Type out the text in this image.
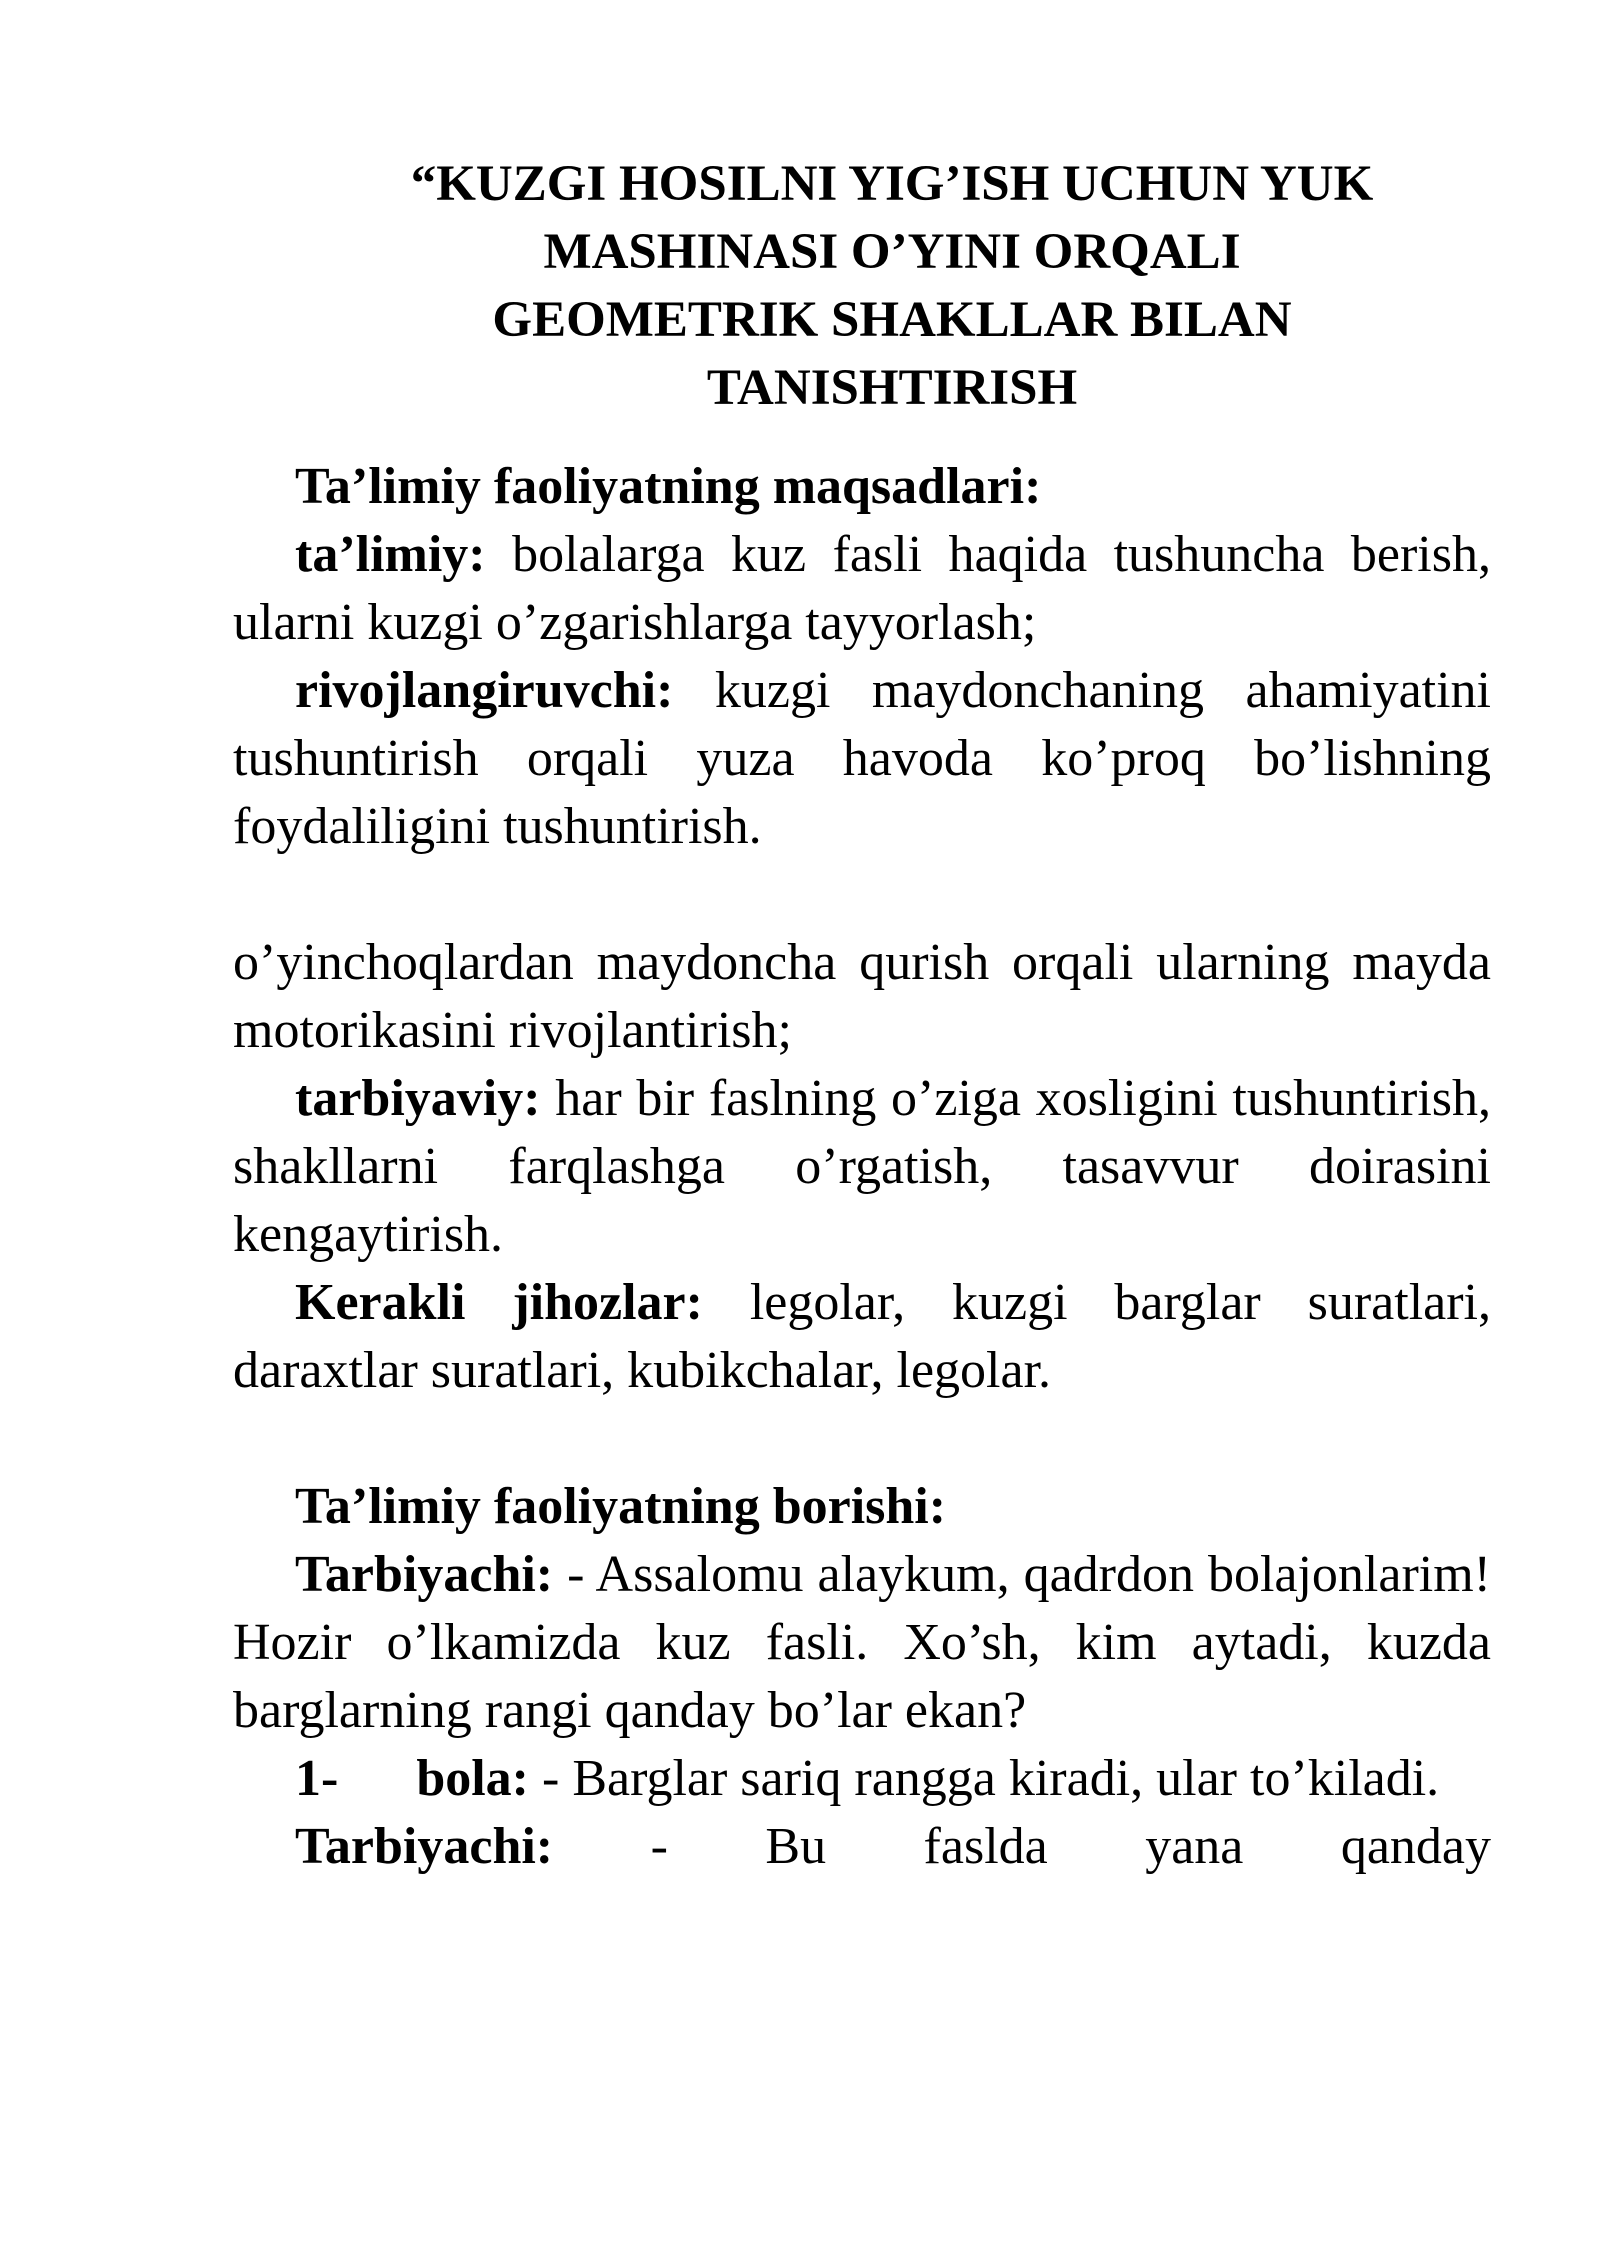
“KUZGI HOSILNI YIG’ISH UCHUN YUK
MASHINASI O’YINI ORQALI
GEOMETRIK SHAKLLAR BILAN
TANISHTIRISH

Ta’limiy faoliyatning maqsadlari:

ta’limiy: bolalarga kuz fasli haqida tushuncha berish, ularni kuzgi o’zgarishlarga tayyorlash;

rivojlangiruvchi: kuzgi maydonchaning ahamiyatini tushuntirish orqali yuza havoda ko’proq bo’lishning foydaliligini tushuntirish.

o’yinchoqlardan maydoncha qurish orqali ularning mayda motorikasini rivojlantirish;

tarbiyaviy: har bir faslning o’ziga xosligini tushuntirish, shakllarni farqlashga o’rgatish, tasavvur doirasini kengaytirish.

Kerakli jihozlar: legolar, kuzgi barglar suratlari, daraxtlar suratlari, kubikchalar, legolar.

Ta’limiy faoliyatning borishi:

Tarbiyachi: - Assalomu alaykum, qadrdon bolajonlarim! Hozir o’lkamizda kuz fasli. Xo’sh, kim aytadi, kuzda barglarning rangi qanday bo’lar ekan?

1-      bola: - Barglar sariq rangga kiradi, ular to’kiladi.

Tarbiyachi: - Bu faslda yana qanday
